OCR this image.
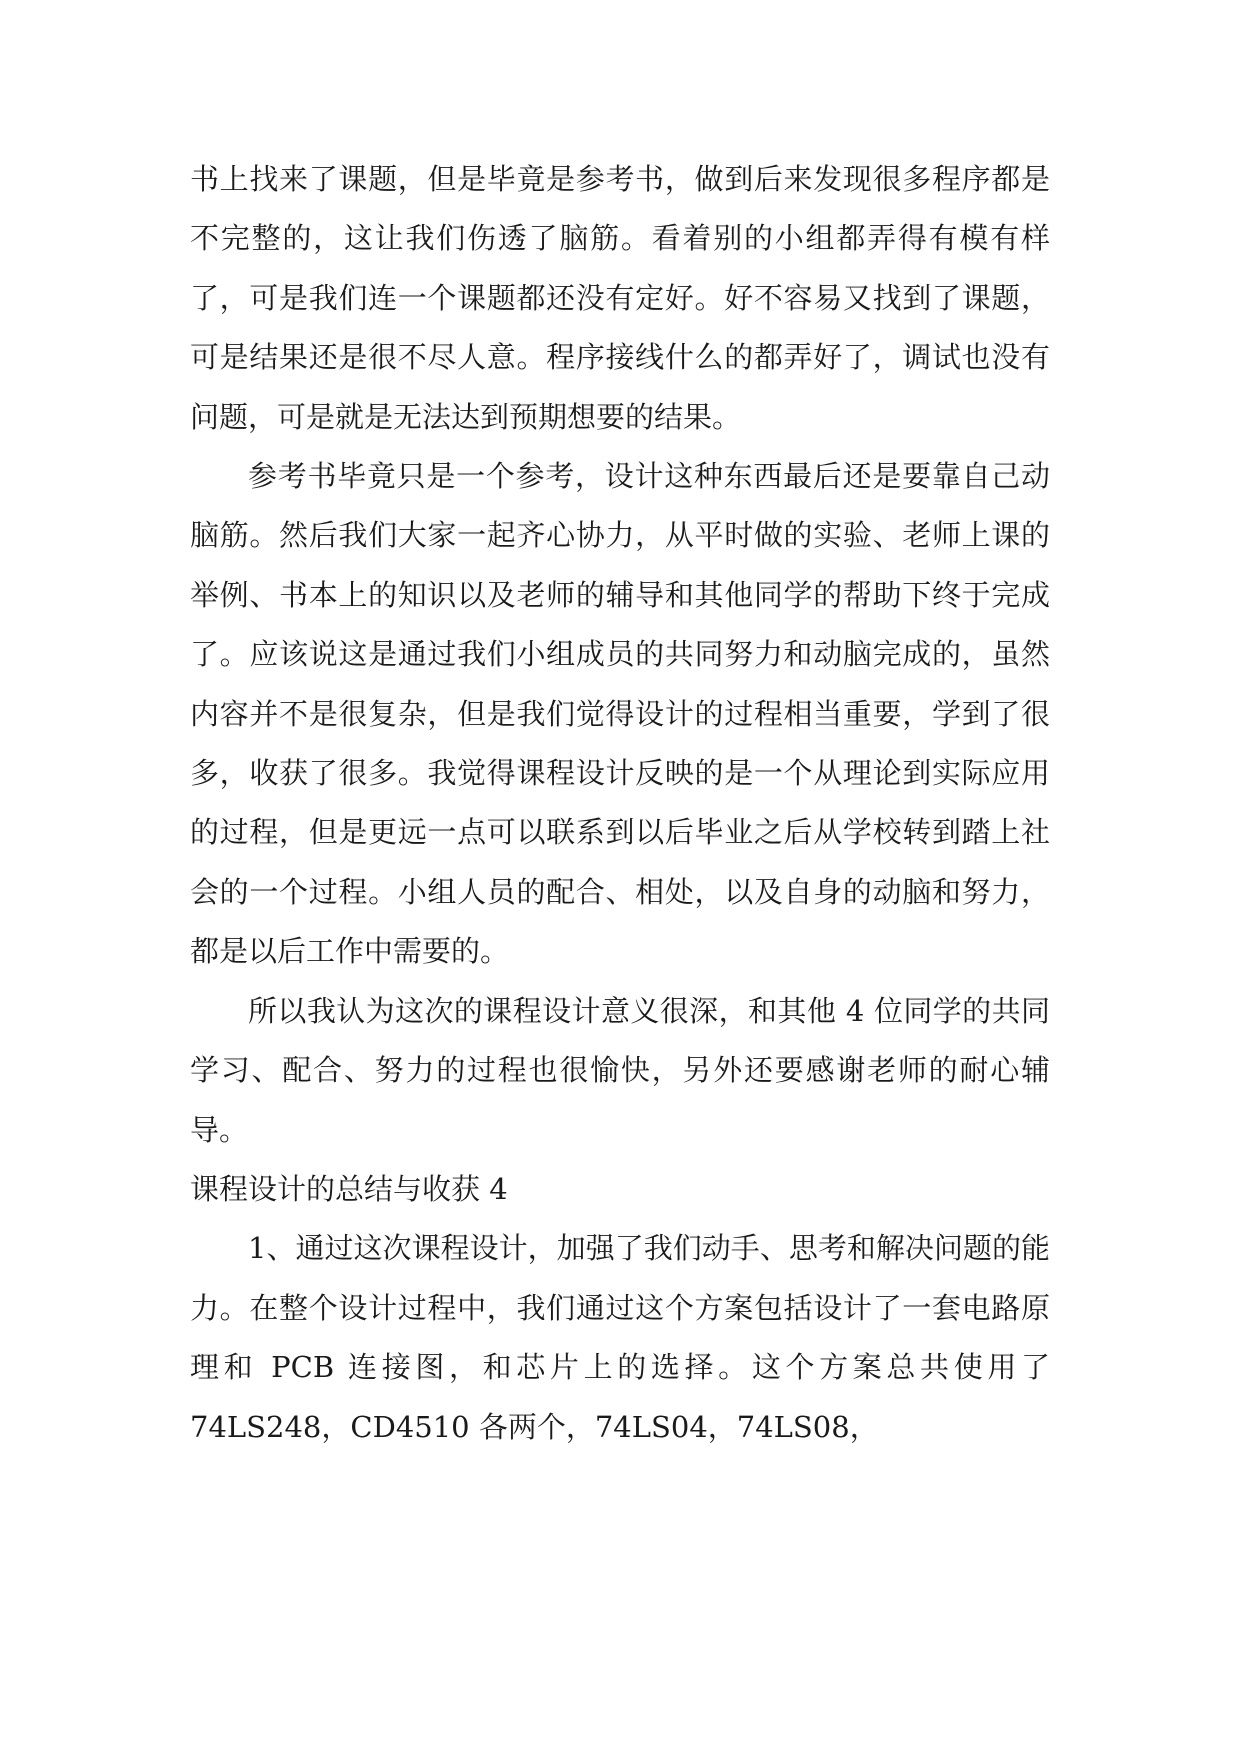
书上找来了课题，但是毕竟是参考书，做到后来发现很多程序都是不完整的，这让我们伤透了脑筋。看着别的小组都弄得有模有样了，可是我们连一个课题都还没有定好。好不容易又找到了课题，可是结果还是很不尽人意。程序接线什么的都弄好了，调试也没有问题，可是就是无法达到预期想要的结果。

参考书毕竟只是一个参考，设计这种东西最后还是要靠自己动脑筋。然后我们大家一起齐心协力，从平时做的实验、老师上课的举例、书本上的知识以及老师的辅导和其他同学的帮助下终于完成了。应该说这是通过我们小组成员的共同努力和动脑完成的，虽然内容并不是很复杂，但是我们觉得设计的过程相当重要，学到了很多，收获了很多。我觉得课程设计反映的是一个从理论到实际应用的过程，但是更远一点可以联系到以后毕业之后从学校转到踏上社会的一个过程。小组人员的配合、相处，以及自身的动脑和努力，都是以后工作中需要的。

所以我认为这次的课程设计意义很深，和其他 4 位同学的共同学习、配合、努力的过程也很愉快，另外还要感谢老师的耐心辅导。

课程设计的总结与收获 4

1、通过这次课程设计，加强了我们动手、思考和解决问题的能力。在整个设计过程中，我们通过这个方案包括设计了一套电路原理和 PCB 连接图，和芯片上的选择。这个方案总共使用了 74LS248，CD4510 各两个，74LS04，74LS08，
